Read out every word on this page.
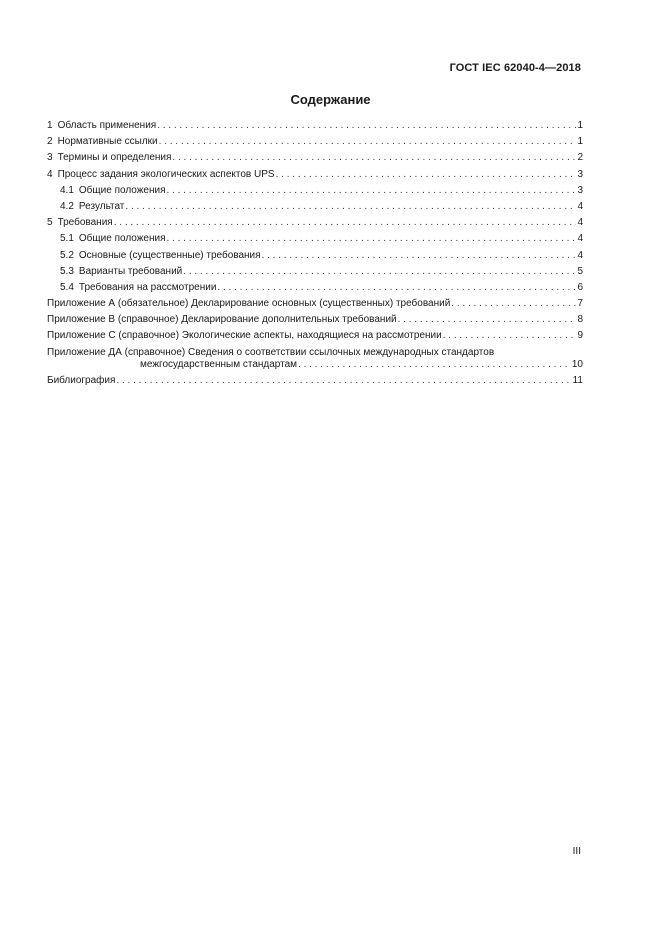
ГОСТ IEC 62040-4—2018
Содержание
1 Область применения . . .	1
2 Нормативные ссылки . . .	1
3 Термины и определения . . .	2
4 Процесс задания экологических аспектов UPS . . .	3
4.1 Общие положения . . .	3
4.2 Результат . . .	4
5 Требования . . .	4
5.1 Общие положения . . .	4
5.2 Основные (существенные) требования . . .	4
5.3 Варианты требований . . .	5
5.4 Требования на рассмотрении . . .	6
Приложение А (обязательное) Декларирование основных (существенных) требований . . .	7
Приложение В (справочное) Декларирование дополнительных требований . . .	8
Приложение С (справочное) Экологические аспекты, находящиеся на рассмотрении . . .	9
Приложение ДА (справочное) Сведения о соответствии ссылочных международных стандартов
межгосударственным стандартам . . .	10
Библиография . . .	11
III
